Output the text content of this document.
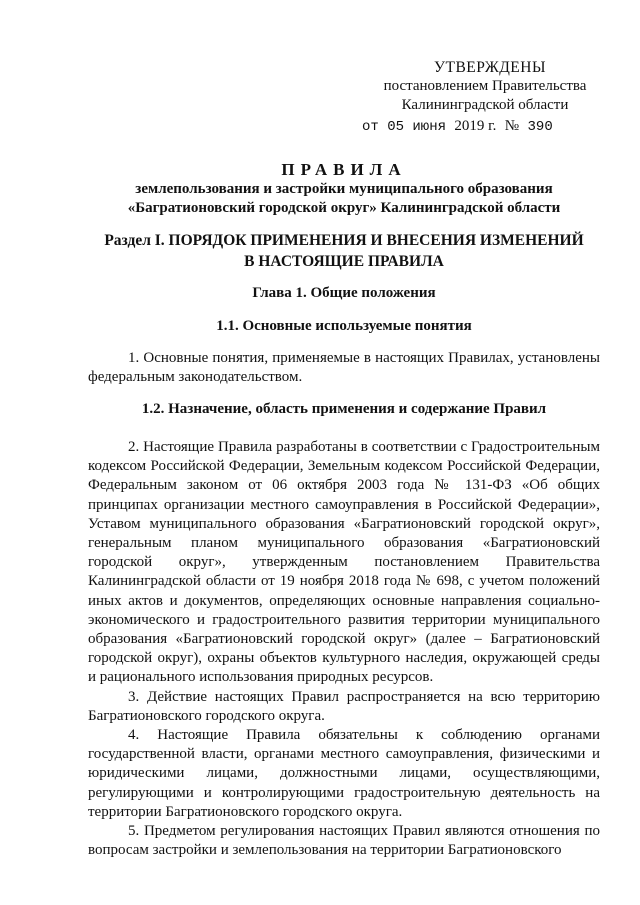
УТВЕРЖДЕНЫ
постановлением Правительства
Калининградской области
от 05 июня 2019 г. № 390
ПРАВИЛА
землепользования и застройки муниципального образования
«Багратионовский городской округ» Калининградской области
Раздел I. ПОРЯДОК ПРИМЕНЕНИЯ И ВНЕСЕНИЯ ИЗМЕНЕНИЙ
В НАСТОЯЩИЕ ПРАВИЛА
Глава 1. Общие положения
1.1. Основные используемые понятия

1. Основные понятия, применяемые в настоящих Правилах, установлены федеральным законодательством.

1.2. Назначение, область применения и содержание Правил

2. Настоящие Правила разработаны в соответствии с Градостроительным кодексом Российской Федерации, Земельным кодексом Российской Федерации, Федеральным законом от 06 октября 2003 года № 131-ФЗ «Об общих принципах организации местного самоуправления в Российской Федерации», Уставом муниципального образования «Багратионовский городской округ», генеральным планом муниципального образования «Багратионовский городской округ», утвержденным постановлением Правительства Калининградской области от 19 ноября 2018 года № 698, с учетом положений иных актов и документов, определяющих основные направления социально-экономического и градостроительного развития территории муниципального образования «Багратионовский городской округ» (далее – Багратионовский городской округ), охраны объектов культурного наследия, окружающей среды и рационального использования природных ресурсов.

3. Действие настоящих Правил распространяется на всю территорию Багратионовского городского округа.

4. Настоящие Правила обязательны к соблюдению органами государственной власти, органами местного самоуправления, физическими и юридическими лицами, должностными лицами, осуществляющими, регулирующими и контролирующими градостроительную деятельность на территории Багратионовского городского округа.

5. Предметом регулирования настоящих Правил являются отношения по вопросам застройки и землепользования на территории Багратионовского
